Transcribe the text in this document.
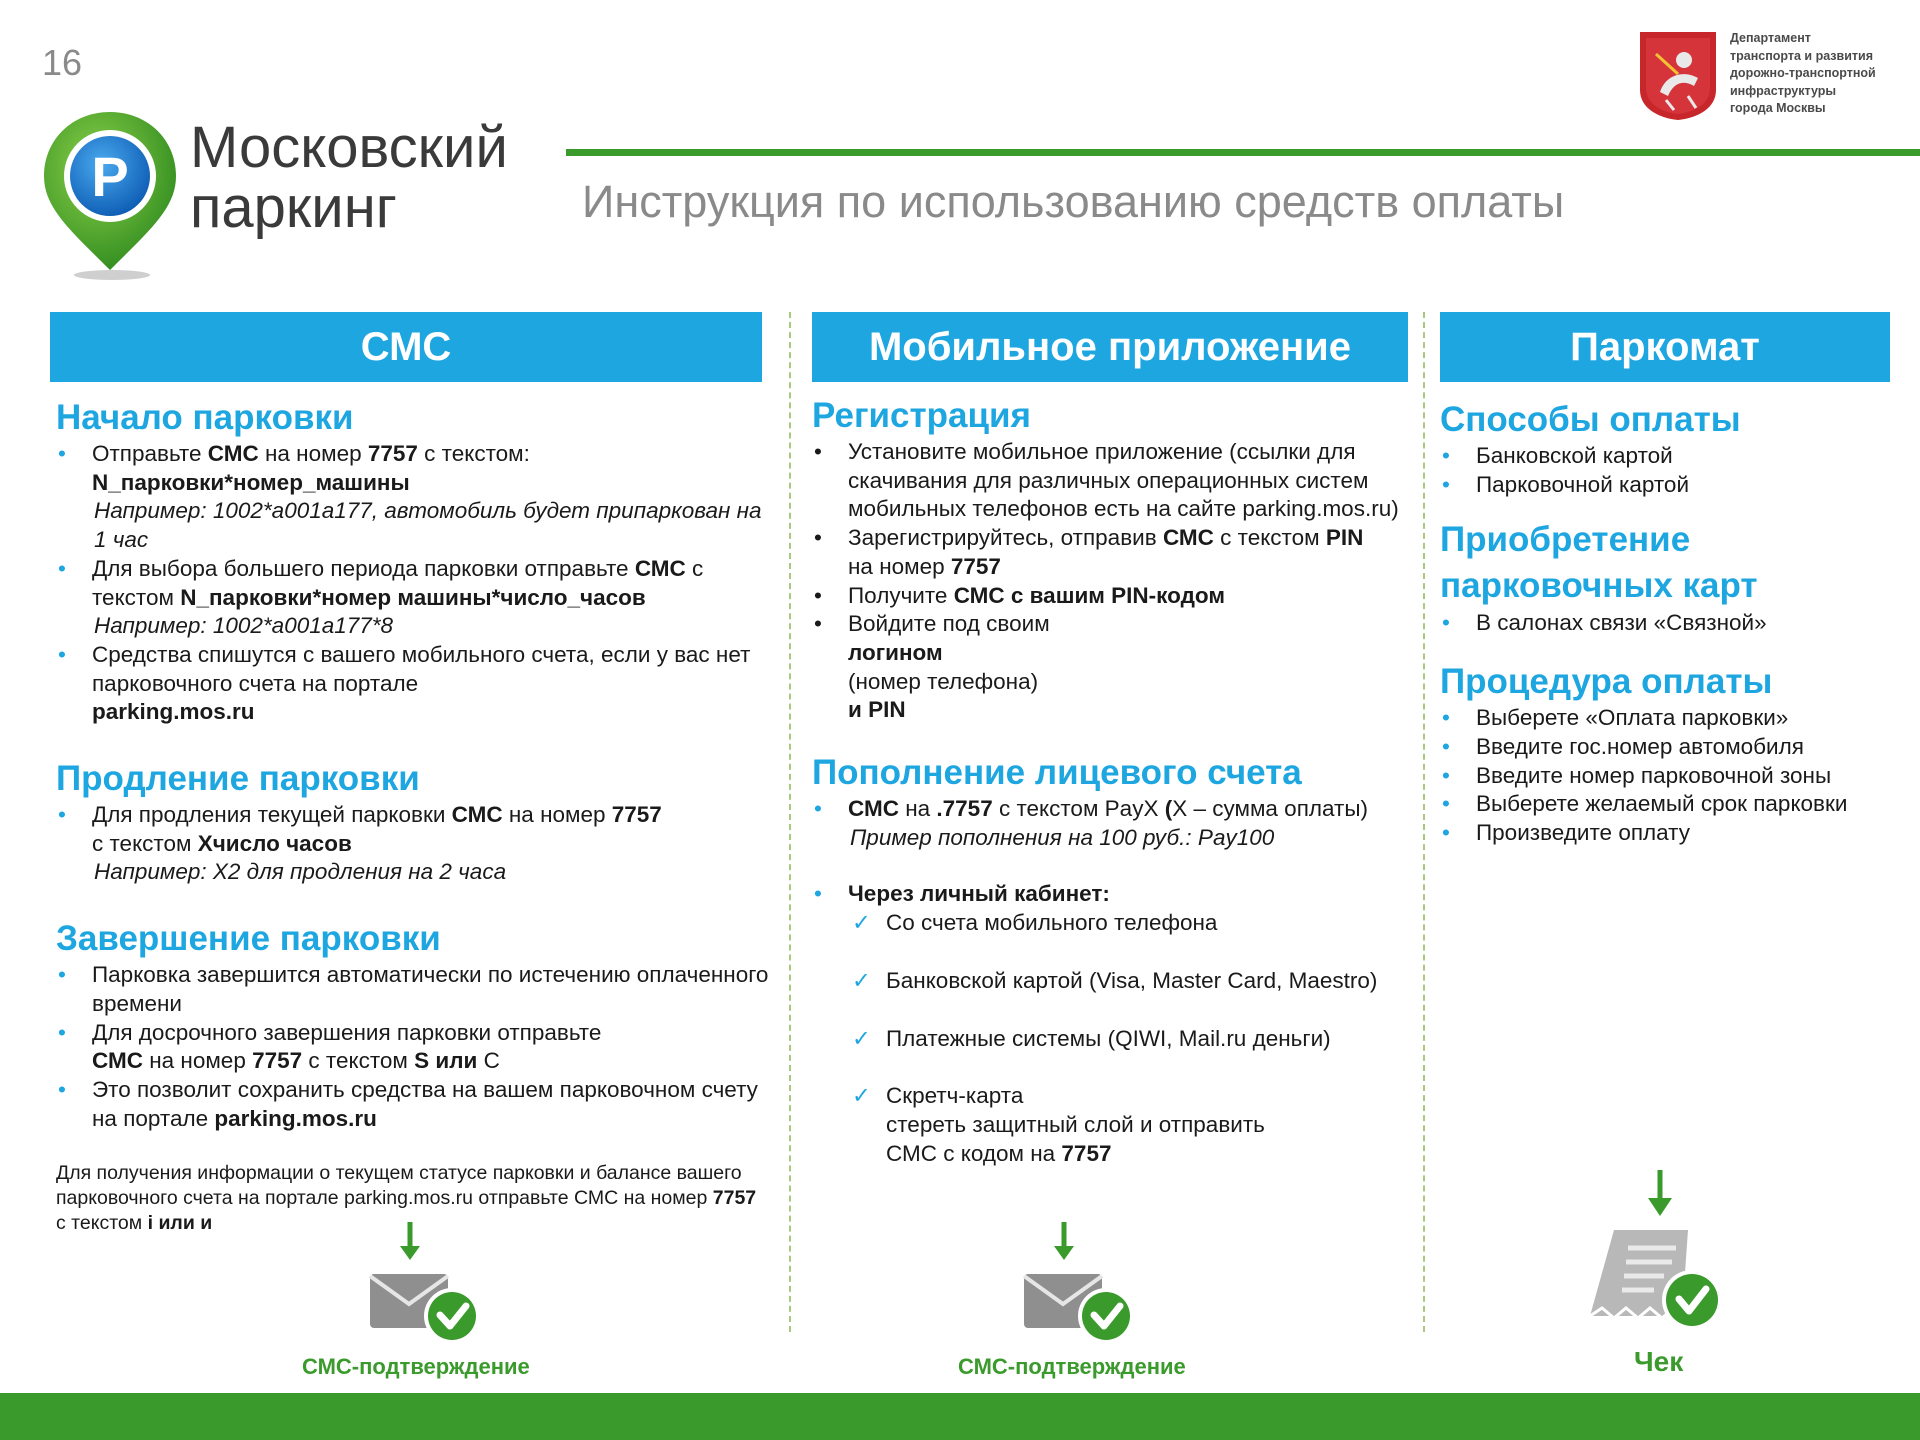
16
P Московский
паркинг	Инструкция по использованию средств оплаты
Департамент
транспорта и развития
дорожно-транспортной
инфраструктуры
города Москвы
СМС	Мобильное приложение	Паркомат
Начало парковки
• Отправьте СМС на номер 7757 с текстом:
N_парковки*номер_машины

Например: 1002*а001а177, автомобиль будет припаркован на 1 час
• Для выбора большего периода парковки отправьте СМС с текстом N_парковки*номер машины*число_часов
Например: 1002*а001а177*8
• Средства спишутся с вашего мобильного счета, если у вас нет парковочного счета на портале
parking.mos.ru
Продление парковки
• Для продления текущей парковки СМС на номер 7757
с текстом Хчисло часов
Например: Х2 для продления на 2 часа
Завершение парковки
• Парковка завершится автоматически по истечению оплаченного времени
• Для досрочного завершения парковки отправьте
СМС на номер 7757 с текстом S или С
• Это позволит сохранить средства на вашем парковочном счету на портале parking.mos.ru
Для получения информации о текущем статусе парковки и балансе вашего парковочного счета на портале parking.mos.ru отправьте СМС на номер 7757 с текстом i или и
Регистрация
• Установите мобильное приложение (ссылки для скачивания для различных операционных систем мобильных телефонов есть на сайте parking.mos.ru)
• Зарегистрируйтесь, отправив СМС с текстом PIN
на номер 7757
• Получите СМС с вашим PIN-кодом
• Войдите под своим
логином
(номер телефона)
и PIN
Пополнение лицевого счета
• СМС на .7757 с текстом PayX (X – сумма оплаты)
Пример пополнения на 100 руб.: Pay100
• Через личный кабинет:
✓ Со счета мобильного телефона
✓ Банковской картой (Visa, Master Card, Maestro)
✓ Платежные системы (QIWI, Mail.ru деньги)
✓ Скретч-карта
стереть защитный слой и отправить
СМС с кодом на 7757
Способы оплаты
• Банковской картой
• Парковочной картой
Приобретение
парковочных карт
• В салонах связи «Связной»
Процедура оплаты
• Выберете «Оплата парковки»
• Введите гос.номер автомобиля
• Введите номер парковочной зоны
• Выберете желаемый срок парковки
• Произведите оплату
СМС-подтверждение	СМС-подтверждение	Чек
